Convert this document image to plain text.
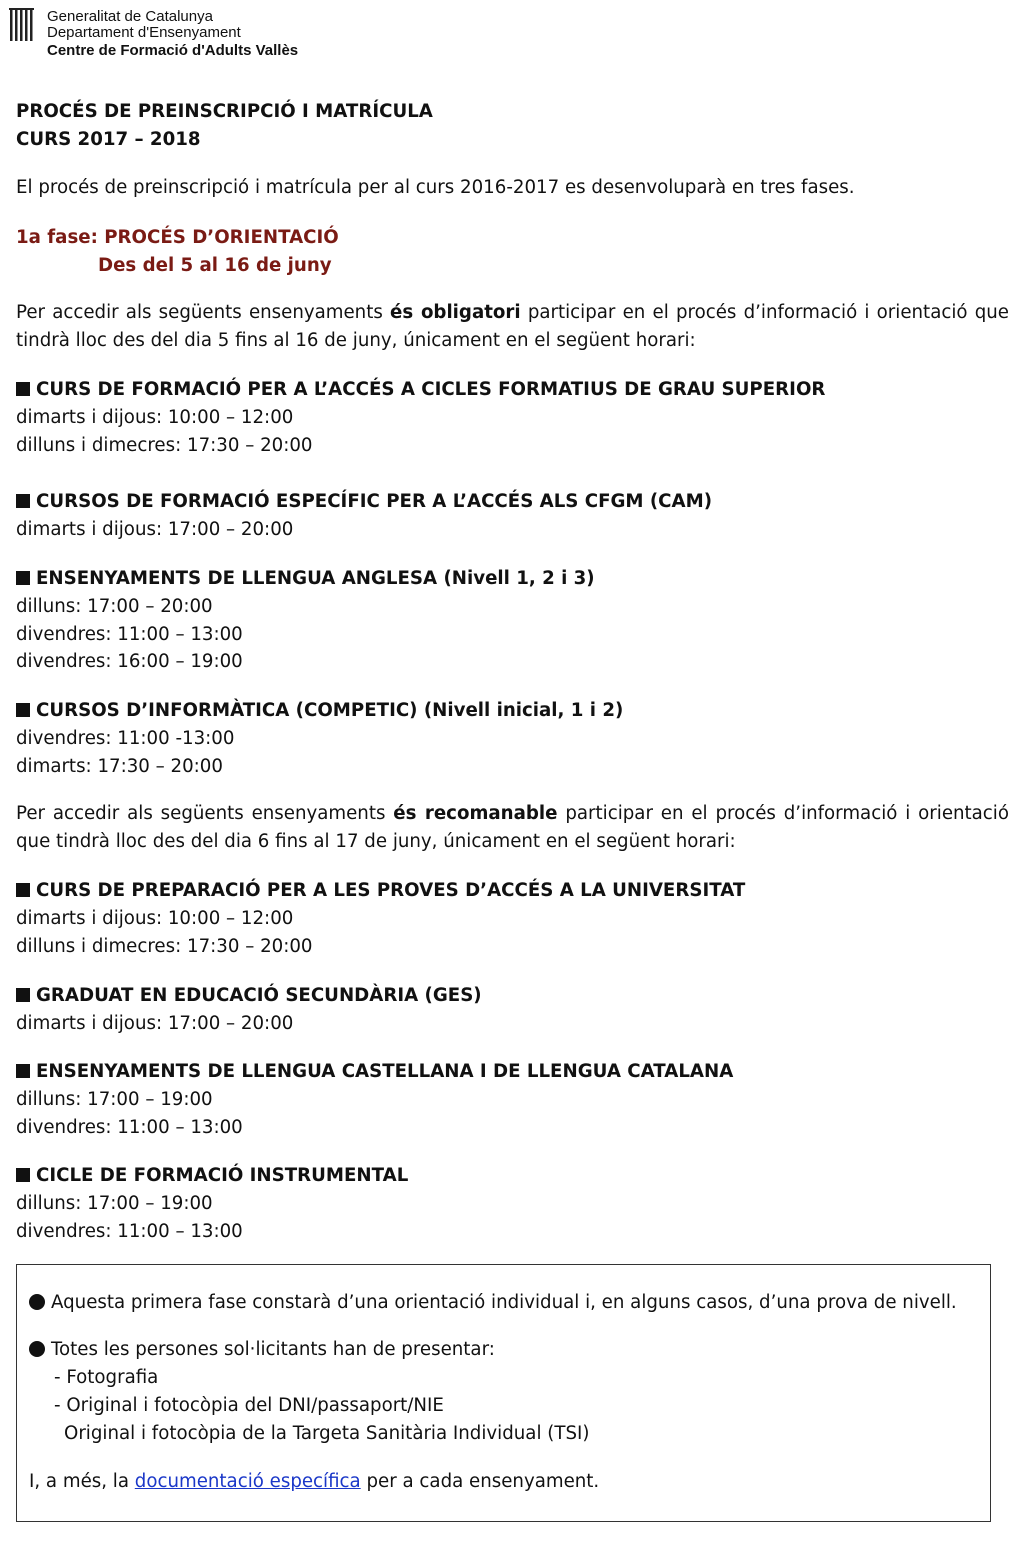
Generalitat de Catalunya
Departament d'Ensenyament
Centre de Formació d'Adults Vallès
PROCÉS DE PREINSCRIPCIÓ I MATRÍCULA
CURS 2017 – 2018
El procés de preinscripció i matrícula per al curs 2016-2017 es desenvoluparà en tres fases.
1a fase: PROCÉS D’ORIENTACIÓ
Des del 5 al 16 de juny
Per accedir als següents ensenyaments és obligatori participar en el procés d’informació i orientació que
tindrà lloc des del dia 5 fins al 16 de juny, únicament en el següent horari:
CURS DE FORMACIÓ PER A L’ACCÉS A CICLES FORMATIUS DE GRAU SUPERIOR
dimarts i dijous: 10:00 – 12:00
dilluns i dimecres: 17:30 – 20:00
CURSOS DE FORMACIÓ ESPECÍFIC PER A L’ACCÉS ALS CFGM (CAM)
dimarts i dijous: 17:00 – 20:00
ENSENYAMENTS DE LLENGUA ANGLESA (Nivell 1, 2 i 3)
dilluns: 17:00 – 20:00
divendres: 11:00 – 13:00
divendres: 16:00 – 19:00
CURSOS D’INFORMÀTICA (COMPETIC) (Nivell inicial, 1 i 2)
divendres: 11:00 -13:00
dimarts: 17:30 – 20:00
Per accedir als següents ensenyaments és recomanable participar en el procés d’informació i orientació
que tindrà lloc des del dia 6 fins al 17 de juny, únicament en el següent horari:
CURS DE PREPARACIÓ PER A LES PROVES D’ACCÉS A LA UNIVERSITAT
dimarts i dijous: 10:00 – 12:00
dilluns i dimecres: 17:30 – 20:00
GRADUAT EN EDUCACIÓ SECUNDÀRIA (GES)
dimarts i dijous: 17:00 – 20:00
ENSENYAMENTS DE LLENGUA CASTELLANA I DE LLENGUA CATALANA
dilluns: 17:00 – 19:00
divendres: 11:00 – 13:00
CICLE DE FORMACIÓ INSTRUMENTAL
dilluns: 17:00 – 19:00
divendres: 11:00 – 13:00
Aquesta primera fase constarà d’una orientació individual i, en alguns casos, d’una prova de nivell.
Totes les persones sol·licitants han de presentar:
- Fotografia
- Original i fotocòpia del DNI/passaport/NIE
Original i fotocòpia de la Targeta Sanitària Individual (TSI)
I, a més, la documentació específica per a cada ensenyament.
